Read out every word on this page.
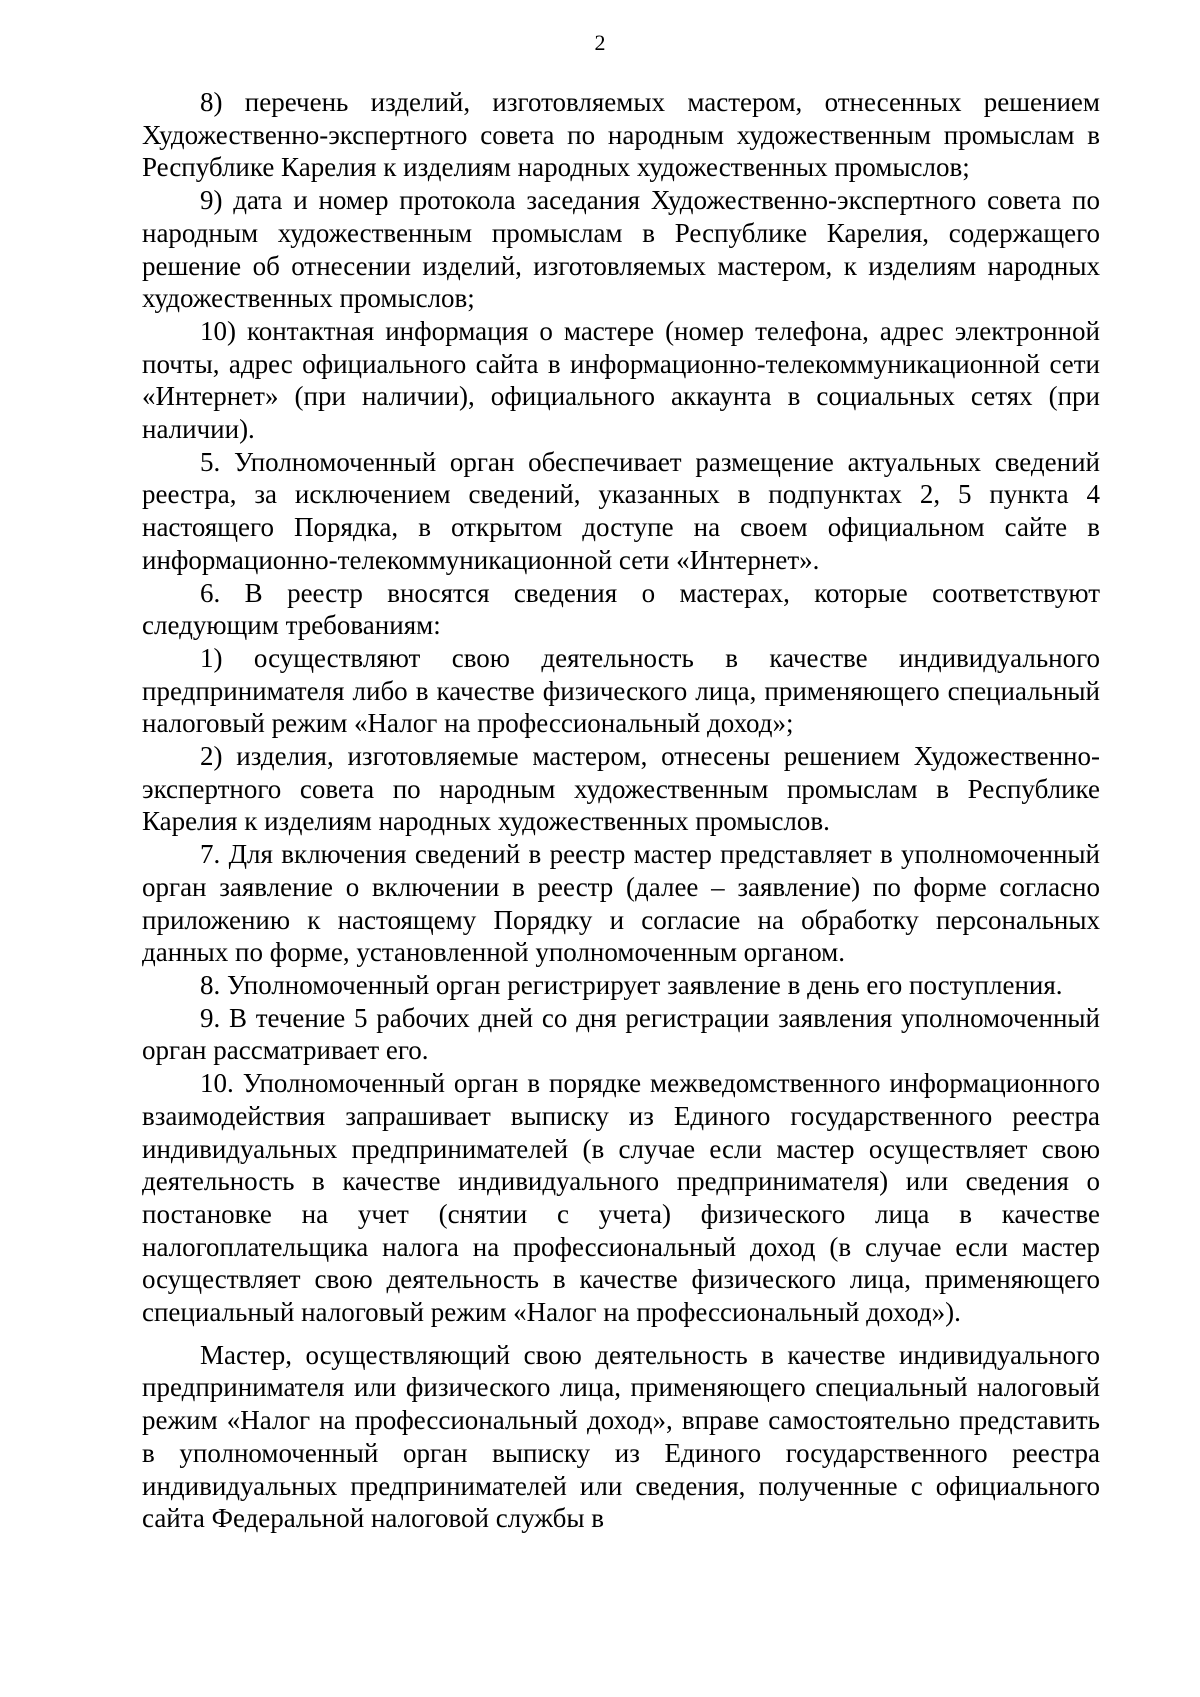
2

8) перечень изделий, изготовляемых мастером, отнесенных решением Художественно-экспертного совета по народным художественным промыслам в Республике Карелия к изделиям народных художественных промыслов;

9) дата и номер протокола заседания Художественно-экспертного совета по народным художественным промыслам в Республике Карелия, содержащего решение об отнесении изделий, изготовляемых мастером, к изделиям народных художественных промыслов;

10) контактная информация о мастере (номер телефона, адрес электронной почты, адрес официального сайта в информационно-телекоммуникационной сети «Интернет» (при наличии), официального аккаунта в социальных сетях (при наличии).

5. Уполномоченный орган обеспечивает размещение актуальных сведений реестра, за исключением сведений, указанных в подпунктах 2, 5 пункта 4 настоящего Порядка, в открытом доступе на своем официальном сайте в информационно-телекоммуникационной сети «Интернет».

6. В реестр вносятся сведения о мастерах, которые соответствуют следующим требованиям:

1) осуществляют свою деятельность в качестве индивидуального предпринимателя либо в качестве физического лица, применяющего специальный налоговый режим «Налог на профессиональный доход»;

2) изделия, изготовляемые мастером, отнесены решением Художественно-экспертного совета по народным художественным промыслам в Республике Карелия к изделиям народных художественных промыслов.

7. Для включения сведений в реестр мастер представляет в уполномоченный орган заявление о включении в реестр (далее – заявление) по форме согласно приложению к настоящему Порядку и согласие на обработку персональных данных по форме, установленной уполномоченным органом.

8. Уполномоченный орган регистрирует заявление в день его поступления.

9. В течение 5 рабочих дней со дня регистрации заявления уполномоченный орган рассматривает его.

10. Уполномоченный орган в порядке межведомственного информационного взаимодействия запрашивает выписку из Единого государственного реестра индивидуальных предпринимателей (в случае если мастер осуществляет свою деятельность в качестве индивидуального предпринимателя) или сведения о постановке на учет (снятии с учета) физического лица в качестве налогоплательщика налога на профессиональный доход (в случае если мастер осуществляет свою деятельность в качестве физического лица, применяющего специальный налоговый режим «Налог на профессиональный доход»).

Мастер, осуществляющий свою деятельность в качестве индивидуального предпринимателя или физического лица, применяющего специальный налоговый режим «Налог на профессиональный доход», вправе самостоятельно представить в уполномоченный орган выписку из Единого государственного реестра индивидуальных предпринимателей или сведения, полученные с официального сайта Федеральной налоговой службы в
